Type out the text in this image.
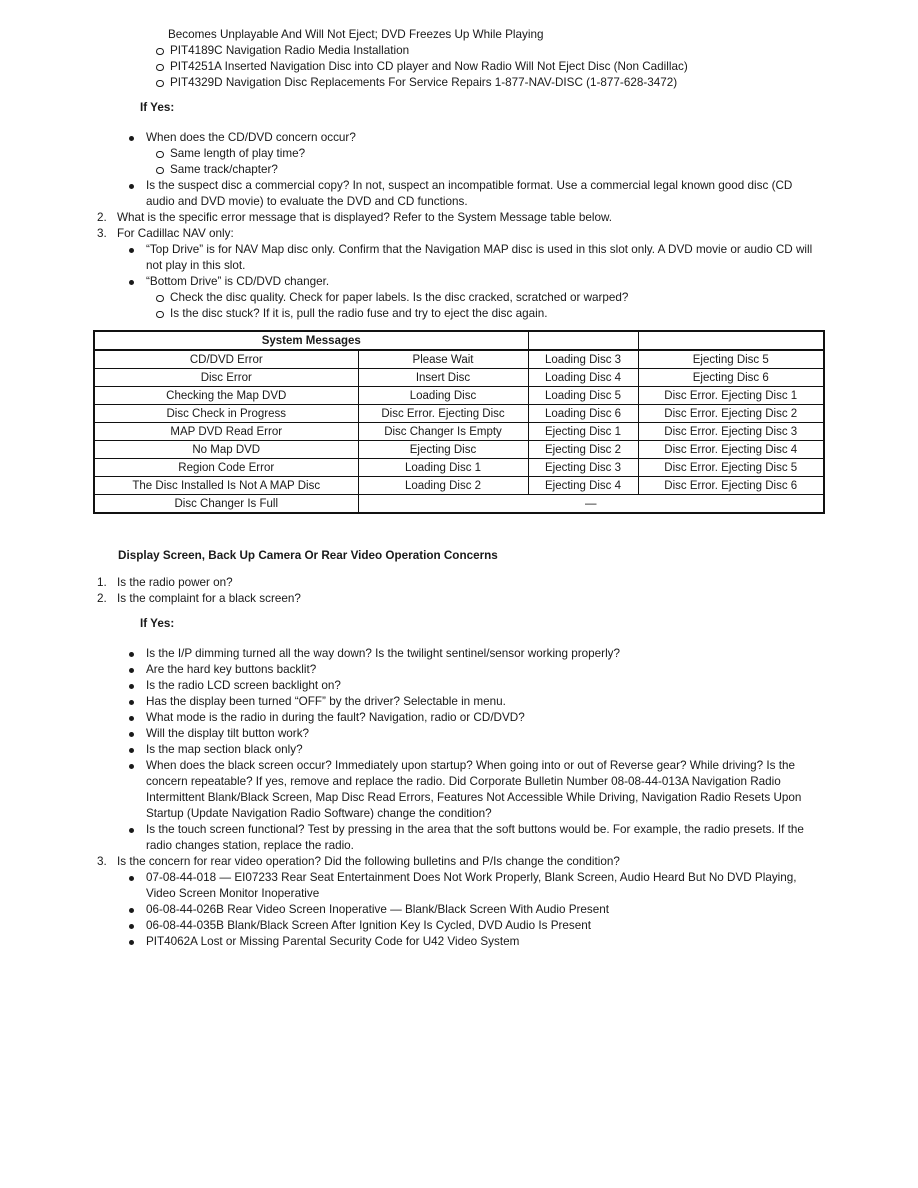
Becomes Unplayable And Will Not Eject; DVD Freezes Up While Playing
PIT4189C Navigation Radio Media Installation
PIT4251A Inserted Navigation Disc into CD player and Now Radio Will Not Eject Disc (Non Cadillac)
PIT4329D Navigation Disc Replacements For Service Repairs 1-877-NAV-DISC (1-877-628-3472)
If Yes:
When does the CD/DVD concern occur?
Same length of play time?
Same track/chapter?
Is the suspect disc a commercial copy? In not, suspect an incompatible format. Use a commercial legal known good disc (CD audio and DVD movie) to evaluate the DVD and CD functions.
2. What is the specific error message that is displayed? Refer to the System Message table below.
3. For Cadillac NAV only:
“Top Drive” is for NAV Map disc only. Confirm that the Navigation MAP disc is used in this slot only. A DVD movie or audio CD will not play in this slot.
“Bottom Drive” is CD/DVD changer.
Check the disc quality. Check for paper labels. Is the disc cracked, scratched or warped?
Is the disc stuck? If it is, pull the radio fuse and try to eject the disc again.
System Messages			
CD/DVD Error	Please Wait	Loading Disc 3	Ejecting Disc 5
Disc Error	Insert Disc	Loading Disc 4	Ejecting Disc 6
Checking the Map DVD	Loading Disc	Loading Disc 5	Disc Error. Ejecting Disc 1
Disc Check in Progress	Disc Error. Ejecting Disc	Loading Disc 6	Disc Error. Ejecting Disc 2
MAP DVD Read Error	Disc Changer Is Empty	Ejecting Disc 1	Disc Error. Ejecting Disc 3
No Map DVD	Ejecting Disc	Ejecting Disc 2	Disc Error. Ejecting Disc 4
Region Code Error	Loading Disc 1	Ejecting Disc 3	Disc Error. Ejecting Disc 5
The Disc Installed Is Not A MAP Disc	Loading Disc 2	Ejecting Disc 4	Disc Error. Ejecting Disc 6
Disc Changer Is Full	—		
Display Screen, Back Up Camera Or Rear Video Operation Concerns
1. Is the radio power on?
2. Is the complaint for a black screen?
If Yes:
Is the I/P dimming turned all the way down? Is the twilight sentinel/sensor working properly?
Are the hard key buttons backlit?
Is the radio LCD screen backlight on?
Has the display been turned “OFF” by the driver? Selectable in menu.
What mode is the radio in during the fault? Navigation, radio or CD/DVD?
Will the display tilt button work?
Is the map section black only?
When does the black screen occur? Immediately upon startup? When going into or out of Reverse gear? While driving? Is the concern repeatable? If yes, remove and replace the radio. Did Corporate Bulletin Number 08-08-44-013A Navigation Radio Intermittent Blank/Black Screen, Map Disc Read Errors, Features Not Accessible While Driving, Navigation Radio Resets Upon Startup (Update Navigation Radio Software) change the condition?
Is the touch screen functional? Test by pressing in the area that the soft buttons would be. For example, the radio presets. If the radio changes station, replace the radio.
3. Is the concern for rear video operation? Did the following bulletins and P/Is change the condition?
07-08-44-018 — EI07233 Rear Seat Entertainment Does Not Work Properly, Blank Screen, Audio Heard But No DVD Playing, Video Screen Monitor Inoperative
06-08-44-026B Rear Video Screen Inoperative — Blank/Black Screen With Audio Present
06-08-44-035B Blank/Black Screen After Ignition Key Is Cycled, DVD Audio Is Present
PIT4062A Lost or Missing Parental Security Code for U42 Video System
